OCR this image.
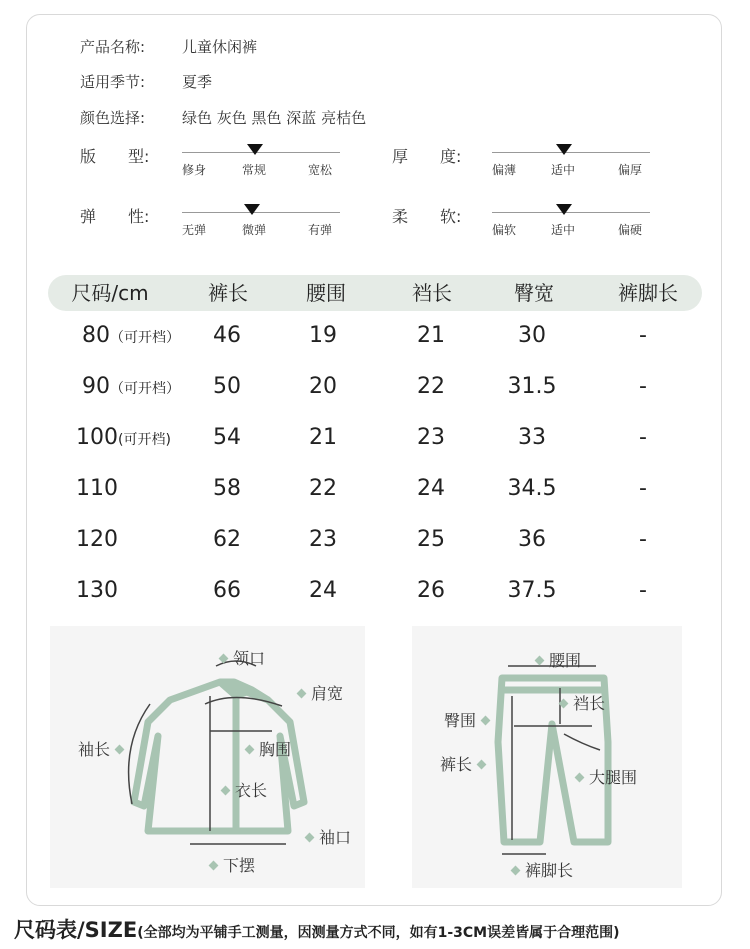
产品名称: 儿童休闲裤
适用季节: 夏季
颜色选择: 绿色 灰色 黑色 深蓝 亮桔色
版　　型:
修身	常规	宽松
厚　　度:
偏薄	适中	偏厚
弹　　性:
无弹	微弹	有弹
柔　　软:
偏软	适中	偏硬
尺码/cm	裤长	腰围	裆长	臀宽	裤脚长
80（可开档） 46	19	21	30	-
90（可开档） 50	20	22	31.5	-
100(可开档) 54	21	23	33	-
110	58	22	24	34.5	-
120	62	23	25	36	-
130	66	24	26	37.5	-
领口
肩宽
袖长	胸围
衣长
袖口
下摆
腰围
裆长
臀围
裤长
大腿围
裤脚长
尺码表/SIZE(全部均为平铺手工测量，因测量方式不同，如有1-3CM误差皆属于合理范围)
